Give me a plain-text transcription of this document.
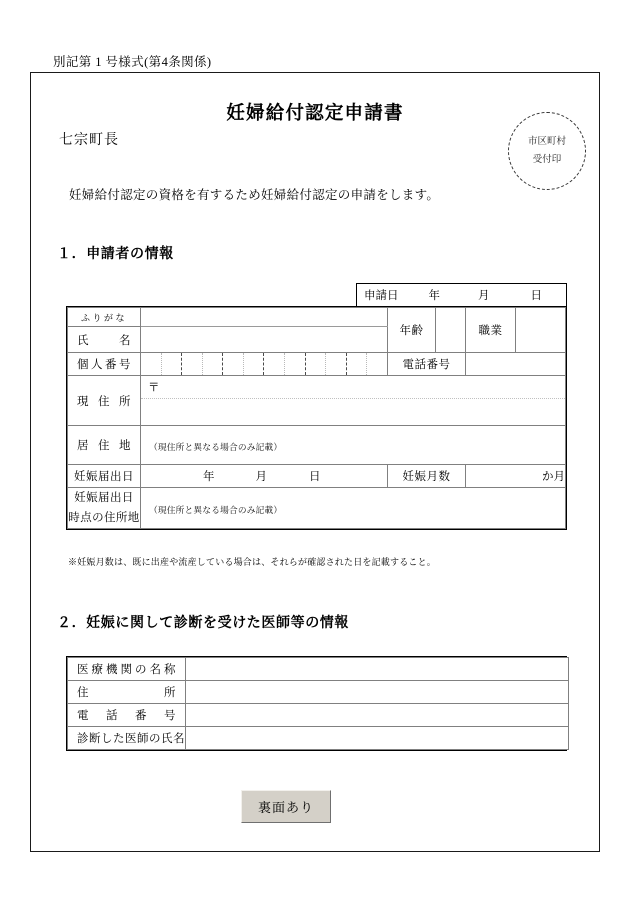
別記第 1 号様式(第4条関係)
妊婦給付認定申請書
市区町村
受付印
七宗町長
妊婦給付認定の資格を有するため妊婦給付認定の申請をします。
１．申請者の情報
申請日	年	月	日
ふりがな		年齢		職業	

氏　　名					

個人番号		電話番号			

現 住 所	〒				

居 住 地	（現住所と異なる場合のみ記載）				

妊娠届出日	年 月 日	妊娠月数		か月	

妊娠届出日
時点の住所地	（現住所と異なる場合のみ記載）				
※妊娠月数は、既に出産や流産している場合は、それらが確認された日を記載すること。
２．妊娠に関して診断を受けた医師等の情報
医療機関の名称	

住　　　　所	

電　話　番　号	

診断した医師の氏名	

裏面あり
